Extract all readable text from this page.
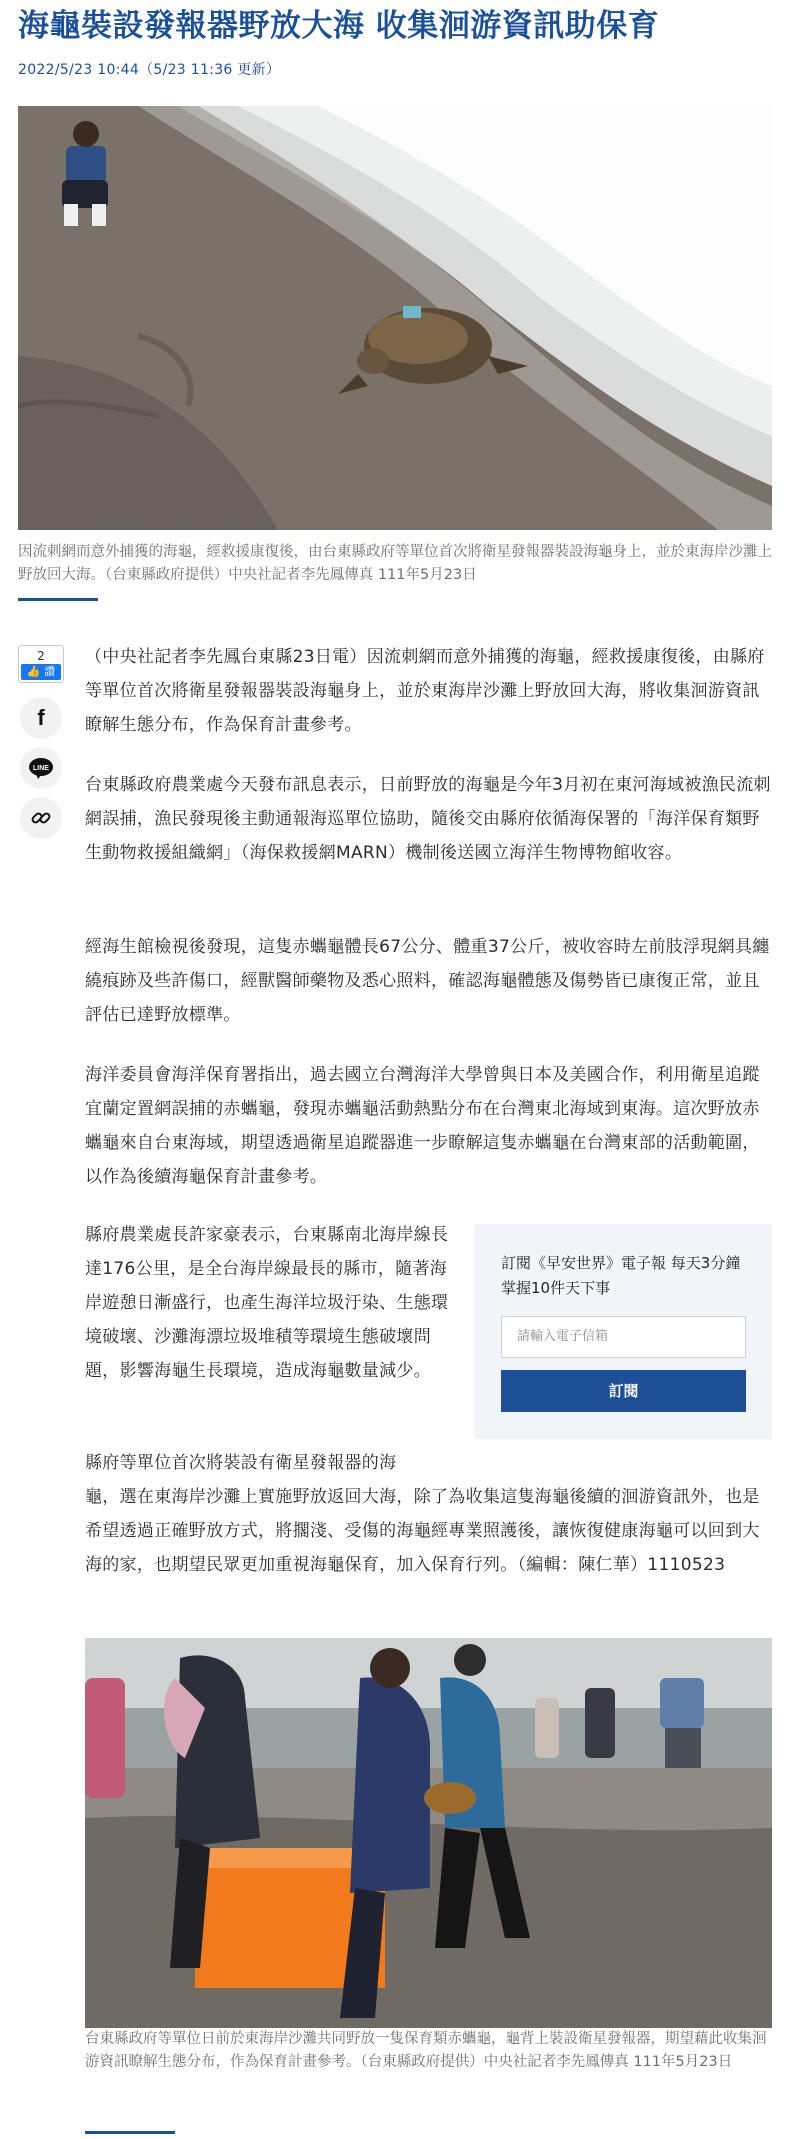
海龜裝設發報器野放大海 收集洄游資訊助保育
2022/5/23 10:44（5/23 11:36 更新）
因流刺網而意外捕獲的海龜，經救援康復後，由台東縣政府等單位首次將衛星發報器裝設海龜身上，並於東海岸沙灘上野放回大海。（台東縣政府提供）中央社記者李先鳳傳真 111年5月23日
2
👍 讚
f
LINE

（中央社記者李先鳳台東縣23日電）因流刺網而意外捕獲的海龜，經救援康復後，由縣府等單位首次將衛星發報器裝設海龜身上，並於東海岸沙灘上野放回大海，將收集洄游資訊瞭解生態分布，作為保育計畫參考。

台東縣政府農業處今天發布訊息表示，日前野放的海龜是今年3月初在東河海域被漁民流刺網誤捕，漁民發現後主動通報海巡單位協助，隨後交由縣府依循海保署的「海洋保育類野生動物救援組織網」（海保救援網MARN）機制後送國立海洋生物博物館收容。

經海生館檢視後發現，這隻赤蠵龜體長67公分、體重37公斤，被收容時左前肢浮現網具纏繞痕跡及些許傷口，經獸醫師藥物及悉心照料，確認海龜體態及傷勢皆已康復正常，並且評估已達野放標準。

海洋委員會海洋保育署指出，過去國立台灣海洋大學曾與日本及美國合作，利用衛星追蹤宜蘭定置網誤捕的赤蠵龜，發現赤蠵龜活動熱點分布在台灣東北海域到東海。這次野放赤蠵龜來自台東海域，期望透過衛星追蹤器進一步瞭解這隻赤蠵龜在台灣東部的活動範圍，以作為後續海龜保育計畫參考。

縣府農業處長許家豪表示，台東縣南北海岸線長達176公里，是全台海岸線最長的縣市，隨著海岸遊憩日漸盛行，也產生海洋垃圾汙染、生態環境破壞、沙灘海漂垃圾堆積等環境生態破壞問題，影響海龜生長環境，造成海龜數量減少。

縣府等單位首次將裝設有衛星發報器的海

龜，選在東海岸沙灘上實施野放返回大海，除了為收集這隻海龜後續的洄游資訊外，也是希望透過正確野放方式，將擱淺、受傷的海龜經專業照護後，讓恢復健康海龜可以回到大海的家，也期望民眾更加重視海龜保育，加入保育行列。（編輯：陳仁華）1110523

訂閱《早安世界》電子報 每天3分鐘掌握10件天下事
請輸入電子信箱
訂閱
台東縣政府等單位日前於東海岸沙灘共同野放一隻保育類赤蠵龜，龜背上裝設衛星發報器，期望藉此收集洄游資訊瞭解生態分布，作為保育計畫參考。（台東縣政府提供）中央社記者李先鳳傳真 111年5月23日
